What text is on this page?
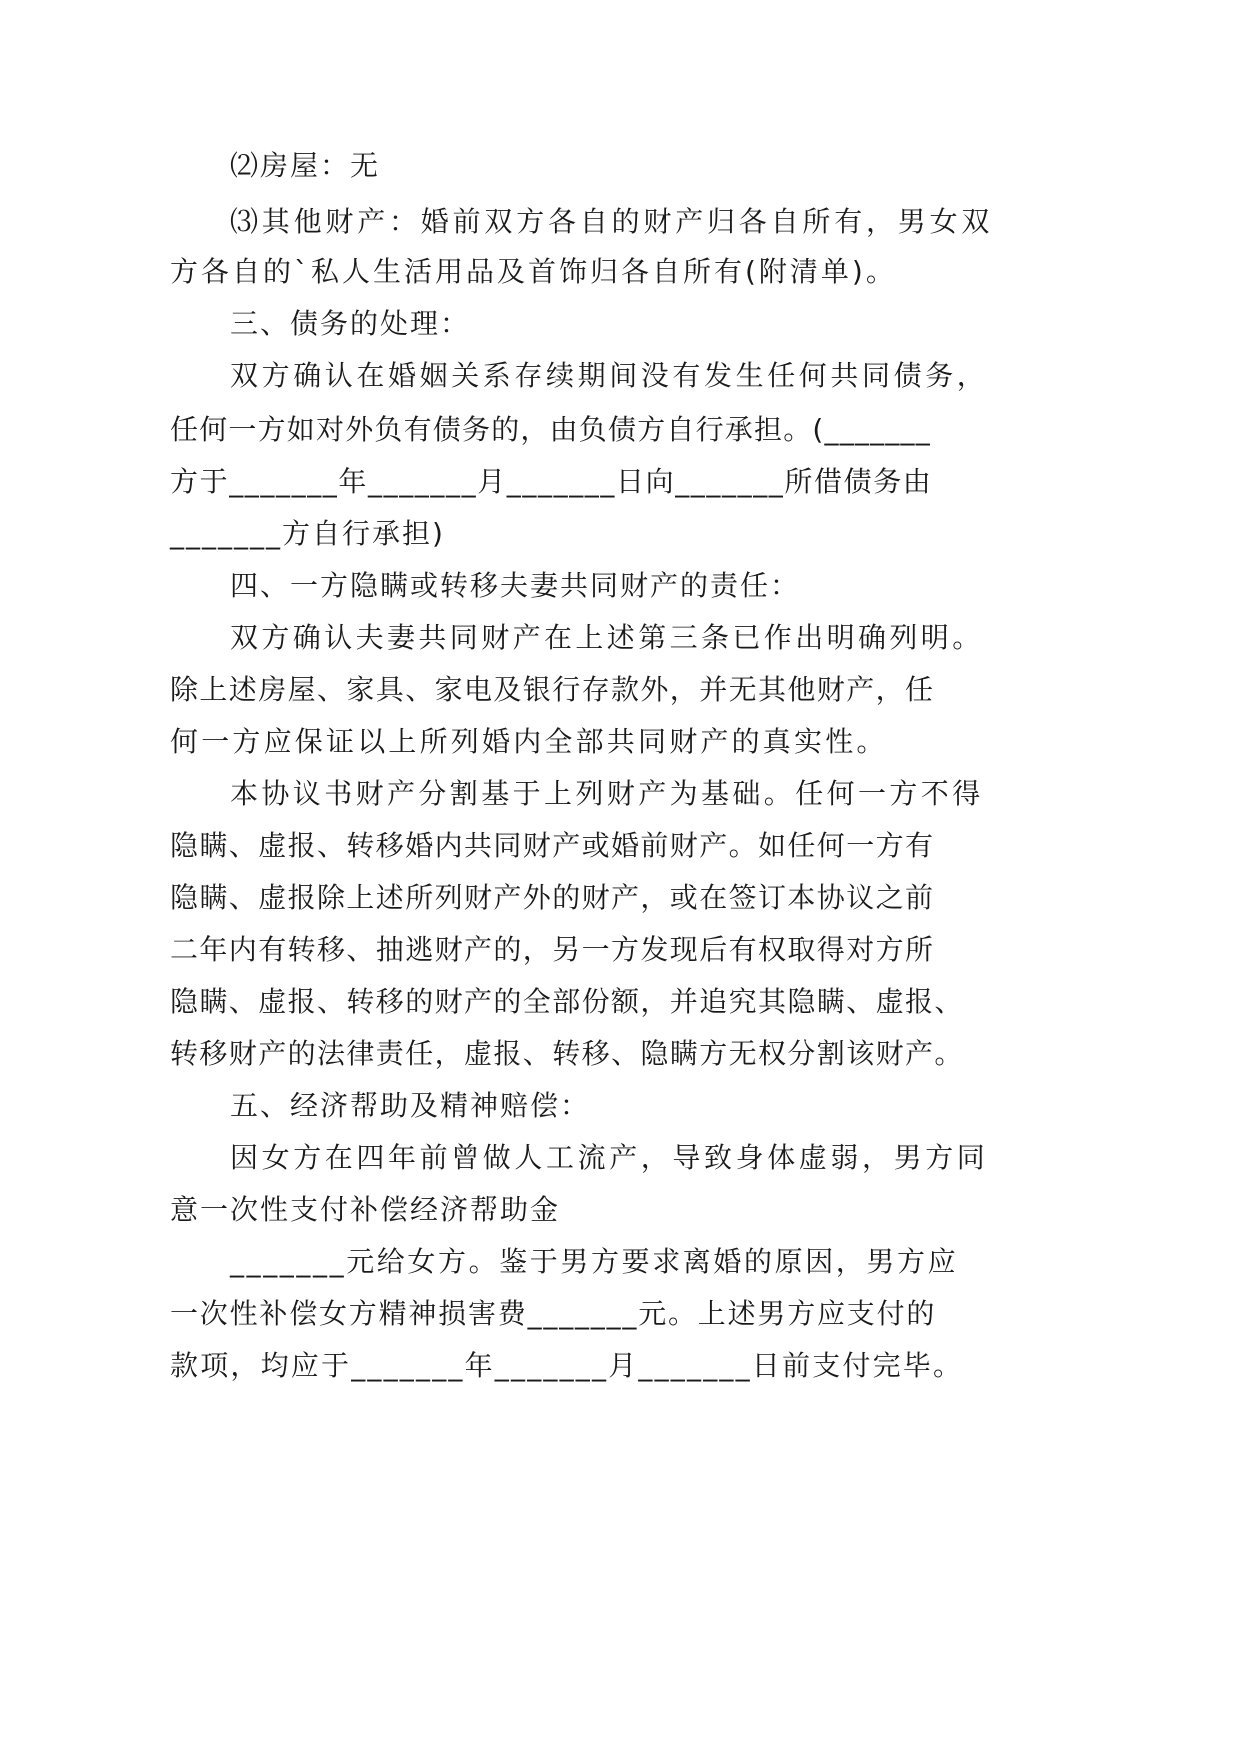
⑵房屋：无
⑶其他财产：婚前双方各自的财产归各自所有，男女双
方各自的`私人生活用品及首饰归各自所有(附清单)。
三、债务的处理：
双方确认在婚姻关系存续期间没有发生任何共同债务，
任何一方如对外负有债务的，由负债方自行承担。(_______
方于_______年_______月_______日向_______所借债务由
_______方自行承担)
四、一方隐瞒或转移夫妻共同财产的责任：
双方确认夫妻共同财产在上述第三条已作出明确列明。
除上述房屋、家具、家电及银行存款外，并无其他财产，任
何一方应保证以上所列婚内全部共同财产的真实性。
本协议书财产分割基于上列财产为基础。任何一方不得
隐瞒、虚报、转移婚内共同财产或婚前财产。如任何一方有
隐瞒、虚报除上述所列财产外的财产，或在签订本协议之前
二年内有转移、抽逃财产的，另一方发现后有权取得对方所
隐瞒、虚报、转移的财产的全部份额，并追究其隐瞒、虚报、
转移财产的法律责任，虚报、转移、隐瞒方无权分割该财产。
五、经济帮助及精神赔偿：
因女方在四年前曾做人工流产，导致身体虚弱，男方同
意一次性支付补偿经济帮助金
_______元给女方。鉴于男方要求离婚的原因，男方应
一次性补偿女方精神损害费_______元。上述男方应支付的
款项，均应于_______年_______月_______日前支付完毕。
